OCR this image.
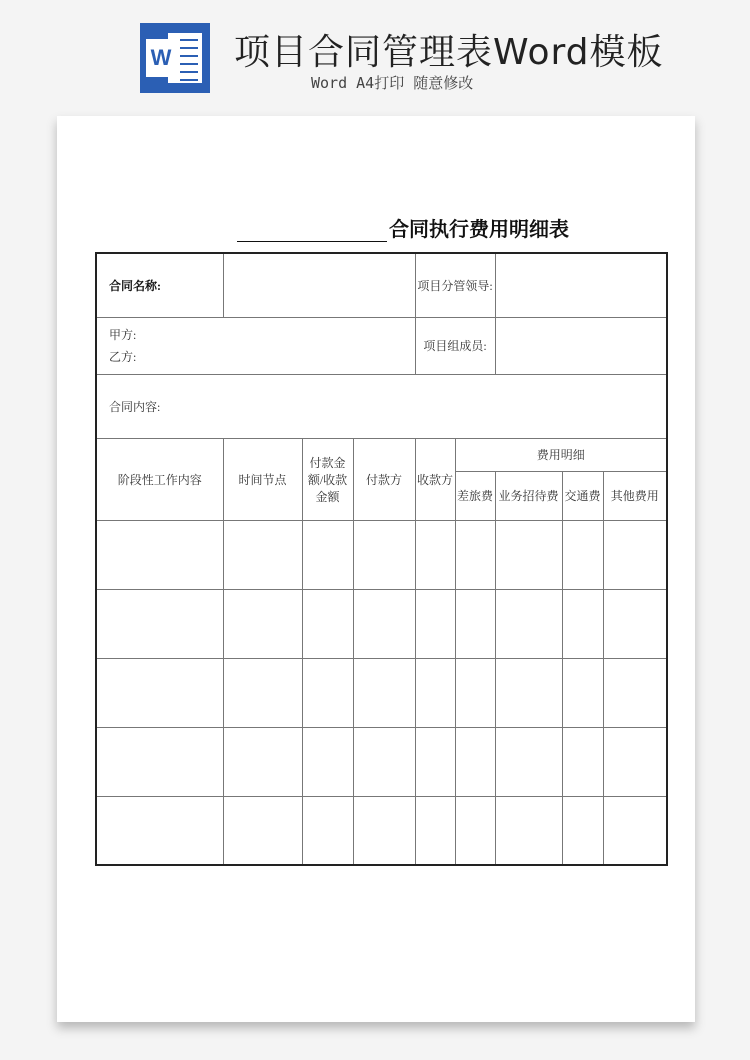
W 项目合同管理表Word模板
Word A4打印 随意修改
合同执行费用明细表
合同名称:				项目分管领导:				

甲方:
乙方:				项目组成员:				
合同内容:								
阶段性工作内容	时间节点	付款金额/收款金额	付款方	收款方	费用明细			
					差旅费	业务招待费	交通费	其他费用
